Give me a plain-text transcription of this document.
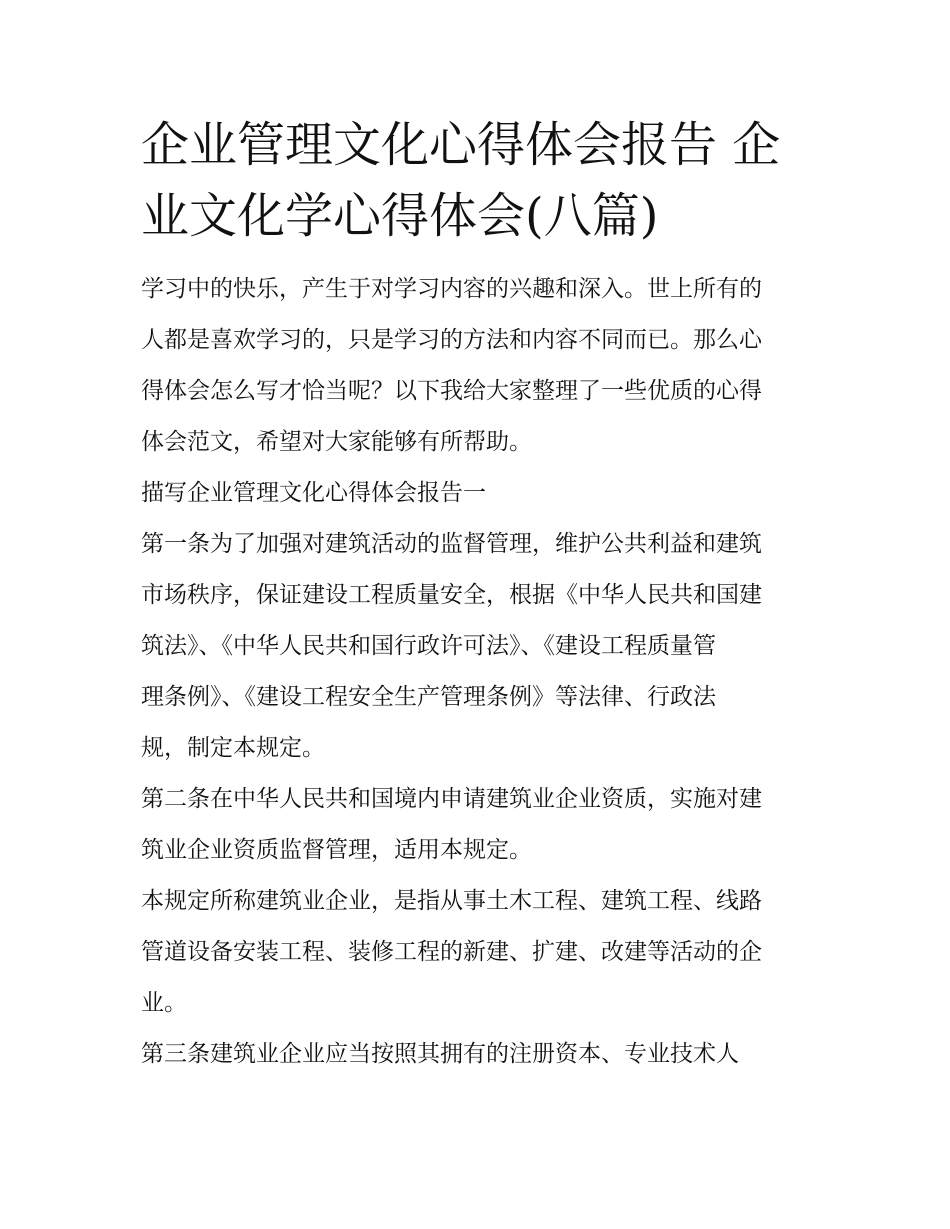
企业管理文化心得体会报告 企
业文化学心得体会(八篇)

学习中的快乐，产生于对学习内容的兴趣和深入。世上所有的
人都是喜欢学习的，只是学习的方法和内容不同而已。那么心
得体会怎么写才恰当呢？以下我给大家整理了一些优质的心得
体会范文，希望对大家能够有所帮助。

描写企业管理文化心得体会报告一

第一条为了加强对建筑活动的监督管理，维护公共利益和建筑
市场秩序，保证建设工程质量安全，根据《中华人民共和国建
筑法》、《中华人民共和国行政许可法》、《建设工程质量管
理条例》、《建设工程安全生产管理条例》等法律、行政法
规，制定本规定。

第二条在中华人民共和国境内申请建筑业企业资质，实施对建
筑业企业资质监督管理，适用本规定。

本规定所称建筑业企业，是指从事土木工程、建筑工程、线路
管道设备安装工程、装修工程的新建、扩建、改建等活动的企
业。

第三条建筑业企业应当按照其拥有的注册资本、专业技术人
